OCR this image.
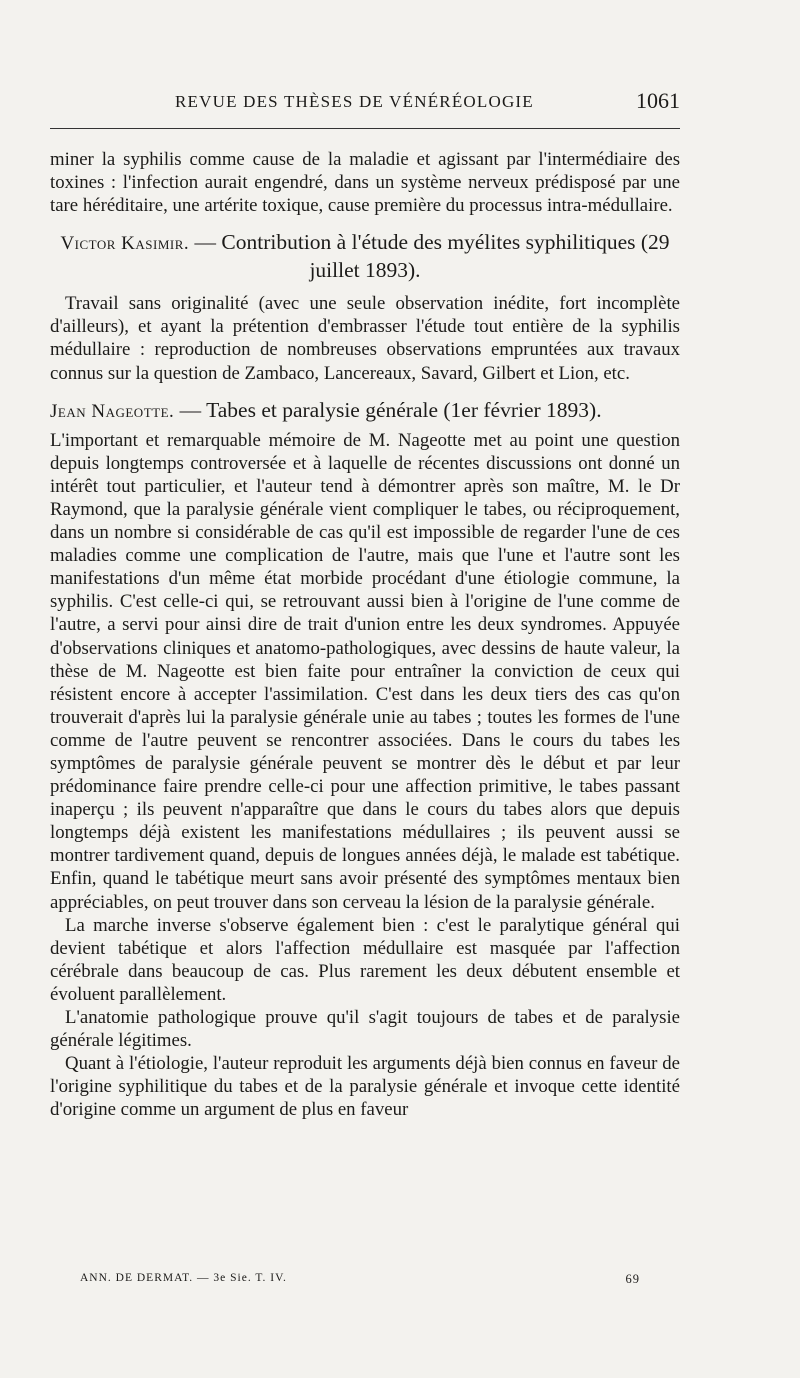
REVUE DES THÈSES DE VÉNÉRÉOLOGIE	1061

miner la syphilis comme cause de la maladie et agissant par l'intermédiaire des toxines : l'infection aurait engendré, dans un système nerveux prédisposé par une tare héréditaire, une artérite toxique, cause première du processus intra-médullaire.

Victor Kasimir. — Contribution à l'étude des myélites syphilitiques (29 juillet 1893).

Travail sans originalité (avec une seule observation inédite, fort incomplète d'ailleurs), et ayant la prétention d'embrasser l'étude tout entière de la syphilis médullaire : reproduction de nombreuses observations empruntées aux travaux connus sur la question de Zambaco, Lancereaux, Savard, Gilbert et Lion, etc.

Jean Nageotte. — Tabes et paralysie générale (1er février 1893).

L'important et remarquable mémoire de M. Nageotte met au point une question depuis longtemps controversée et à laquelle de récentes discussions ont donné un intérêt tout particulier, et l'auteur tend à démontrer après son maître, M. le Dr Raymond, que la paralysie générale vient compliquer le tabes, ou réciproquement, dans un nombre si considérable de cas qu'il est impossible de regarder l'une de ces maladies comme une complication de l'autre, mais que l'une et l'autre sont les manifestations d'un même état morbide procédant d'une étiologie commune, la syphilis. C'est celle-ci qui, se retrouvant aussi bien à l'origine de l'une comme de l'autre, a servi pour ainsi dire de trait d'union entre les deux syndromes. Appuyée d'observations cliniques et anatomo-pathologiques, avec dessins de haute valeur, la thèse de M. Nageotte est bien faite pour entraîner la conviction de ceux qui résistent encore à accepter l'assimilation. C'est dans les deux tiers des cas qu'on trouverait d'après lui la paralysie générale unie au tabes ; toutes les formes de l'une comme de l'autre peuvent se rencontrer associées. Dans le cours du tabes les symptômes de paralysie générale peuvent se montrer dès le début et par leur prédominance faire prendre celle-ci pour une affection primitive, le tabes passant inaperçu ; ils peuvent n'apparaître que dans le cours du tabes alors que depuis longtemps déjà existent les manifestations médullaires ; ils peuvent aussi se montrer tardivement quand, depuis de longues années déjà, le malade est tabétique. Enfin, quand le tabétique meurt sans avoir présenté des symptômes mentaux bien appréciables, on peut trouver dans son cerveau la lésion de la paralysie générale.

La marche inverse s'observe également bien : c'est le paralytique général qui devient tabétique et alors l'affection médullaire est masquée par l'affection cérébrale dans beaucoup de cas. Plus rarement les deux débutent ensemble et évoluent parallèlement.

L'anatomie pathologique prouve qu'il s'agit toujours de tabes et de paralysie générale légitimes.

Quant à l'étiologie, l'auteur reproduit les arguments déjà bien connus en faveur de l'origine syphilitique du tabes et de la paralysie générale et invoque cette identité d'origine comme un argument de plus en faveur

ANN. DE DERMAT. — 3e Sie. T. IV.	69
